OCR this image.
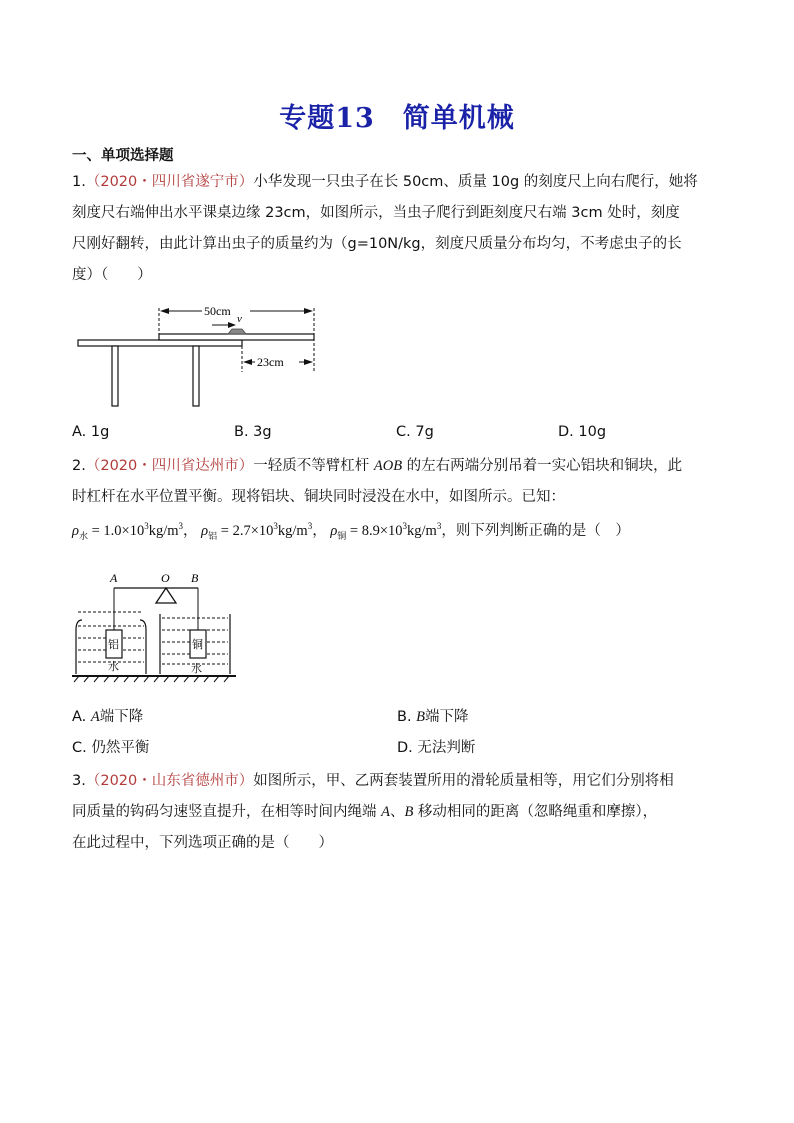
专题13 简单机械
一、单项选择题
1.（2020・四川省遂宁市）小华发现一只虫子在长 50cm、质量 10g 的刻度尺上向右爬行，她将
刻度尺右端伸出水平课桌边缘 23cm，如图所示，当虫子爬行到距刻度尺右端 3cm 处时，刻度
尺刚好翻转，由此计算出虫子的质量约为（g=10N/kg，刻度尺质量分布均匀，不考虑虫子的长
度）（　　）
50cm
v
23cm
A. 1g	B. 3g	C. 7g	D. 10g
2.（2020・四川省达州市）一轻质不等臂杠杆 AOB 的左右两端分别吊着一实心铝块和铜块，此
时杠杆在水平位置平衡。现将铝块、铜块同时浸没在水中，如图所示。已知：
$\rho_水 = 1.0\times 10^3kg/m^3$， $\rho_铝 = 2.7\times 10^3kg/m^3$， $\rho_铜 = 8.9\times 10^3kg/m^3$，则下列判断正确的是（　）
A	O B
铝
水
铜
水
A. A端下降	B. B端下降
C. 仍然平衡	D. 无法判断
3.（2020・山东省德州市）如图所示，甲、乙两套装置所用的滑轮质量相等，用它们分别将相
同质量的钩码匀速竖直提升，在相等时间内绳端 A、B 移动相同的距离（忽略绳重和摩擦），
在此过程中，下列选项正确的是（　　）
